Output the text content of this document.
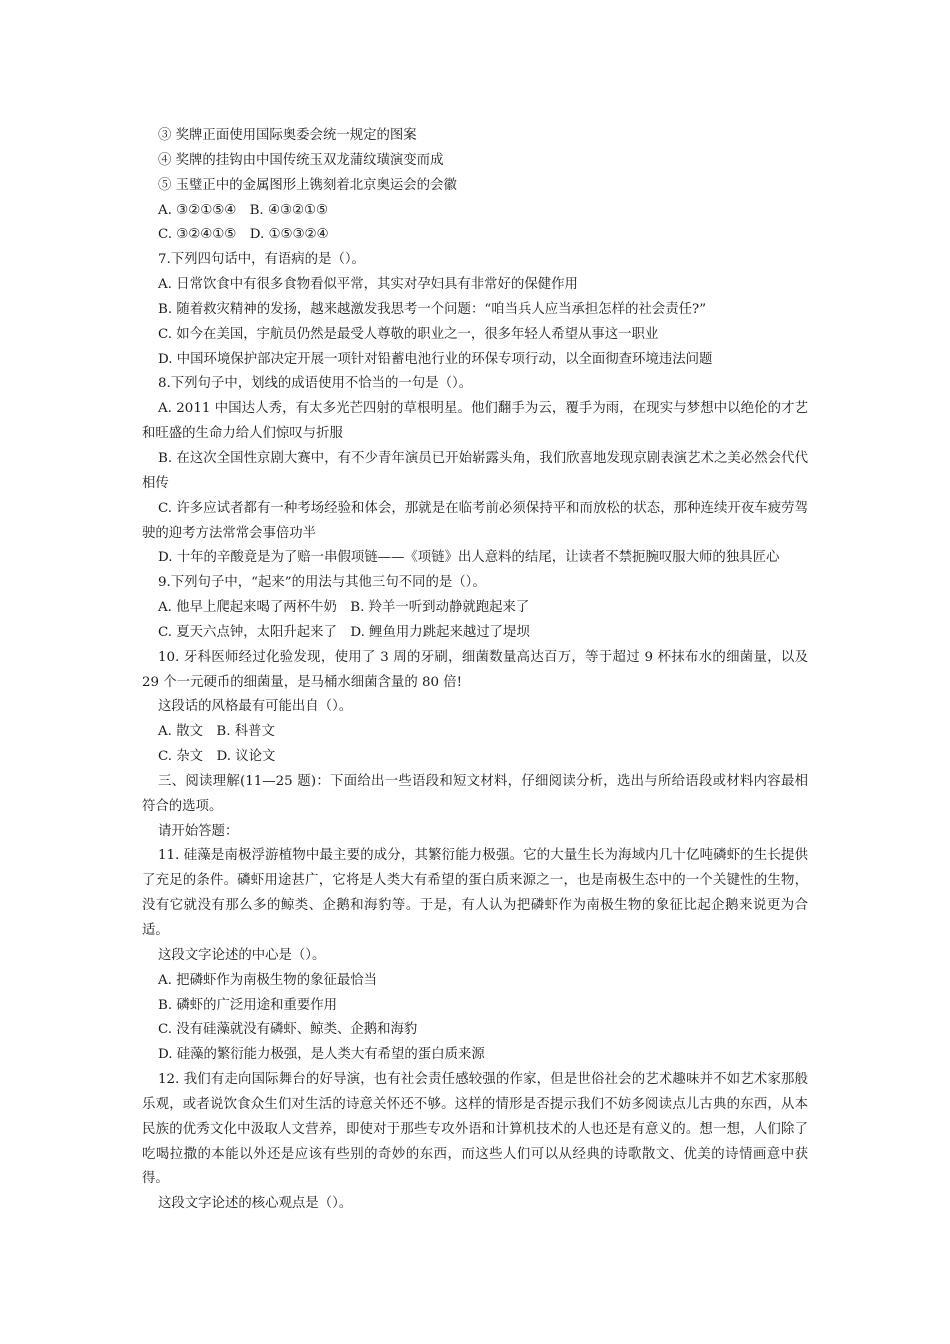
③ 奖牌正面使用国际奥委会统一规定的图案

④ 奖牌的挂钩由中国传统玉双龙蒲纹璜演变而成

⑤ 玉璧正中的金属图形上镌刻着北京奥运会的会徽

A. ③②①⑤④　B. ④③②①⑤

C. ③②④①⑤　D. ①⑤③②④

7.下列四句话中，有语病的是（）。

A. 日常饮食中有很多食物看似平常，其实对孕妇具有非常好的保健作用

B. 随着救灾精神的发扬，越来越激发我思考一个问题：“咱当兵人应当承担怎样的社会责任?”

C. 如今在美国，宇航员仍然是最受人尊敬的职业之一，很多年轻人希望从事这一职业

D. 中国环境保护部决定开展一项针对铅蓄电池行业的环保专项行动，以全面彻查环境违法问题

8.下列句子中，划线的成语使用不恰当的一句是（）。

A. 2011 中国达人秀，有太多光芒四射的草根明星。他们翻手为云，覆手为雨，在现实与梦想中以绝伦的才艺和旺盛的生命力给人们惊叹与折服

B. 在这次全国性京剧大赛中，有不少青年演员已开始崭露头角，我们欣喜地发现京剧表演艺术之美必然会代代相传

C. 许多应试者都有一种考场经验和体会，那就是在临考前必须保持平和而放松的状态，那种连续开夜车疲劳驾驶的迎考方法常常会事倍功半

D. 十年的辛酸竟是为了赔一串假项链——《项链》出人意料的结尾，让读者不禁扼腕叹服大师的独具匠心

9.下列句子中，“起来”的用法与其他三句不同的是（）。

A. 他早上爬起来喝了两杯牛奶　B. 羚羊一听到动静就跑起来了

C. 夏天六点钟，太阳升起来了　D. 鲤鱼用力跳起来越过了堤坝

10. 牙科医师经过化验发现，使用了 3 周的牙刷，细菌数量高达百万，等于超过 9 杯抹布水的细菌量，以及 29 个一元硬币的细菌量，是马桶水细菌含量的 80 倍!

这段话的风格最有可能出自（）。

A. 散文　B. 科普文

C. 杂文　D. 议论文

三、阅读理解(11—25 题)：下面给出一些语段和短文材料，仔细阅读分析，选出与所给语段或材料内容最相符合的选项。

请开始答题：

11. 硅藻是南极浮游植物中最主要的成分，其繁衍能力极强。它的大量生长为海域内几十亿吨磷虾的生长提供了充足的条件。磷虾用途甚广，它将是人类大有希望的蛋白质来源之一，也是南极生态中的一个关键性的生物，没有它就没有那么多的鲸类、企鹅和海豹等。于是，有人认为把磷虾作为南极生物的象征比起企鹅来说更为合适。

这段文字论述的中心是（）。

A. 把磷虾作为南极生物的象征最恰当

B. 磷虾的广泛用途和重要作用

C. 没有硅藻就没有磷虾、鲸类、企鹅和海豹

D. 硅藻的繁衍能力极强，是人类大有希望的蛋白质来源

12. 我们有走向国际舞台的好导演，也有社会责任感较强的作家，但是世俗社会的艺术趣味并不如艺术家那般乐观，或者说饮食众生们对生活的诗意关怀还不够。这样的情形是否提示我们不妨多阅读点儿古典的东西，从本民族的优秀文化中汲取人文营养，即使对于那些专攻外语和计算机技术的人也还是有意义的。想一想，人们除了吃喝拉撒的本能以外还是应该有些别的奇妙的东西，而这些人们可以从经典的诗歌散文、优美的诗情画意中获得。

这段文字论述的核心观点是（）。
